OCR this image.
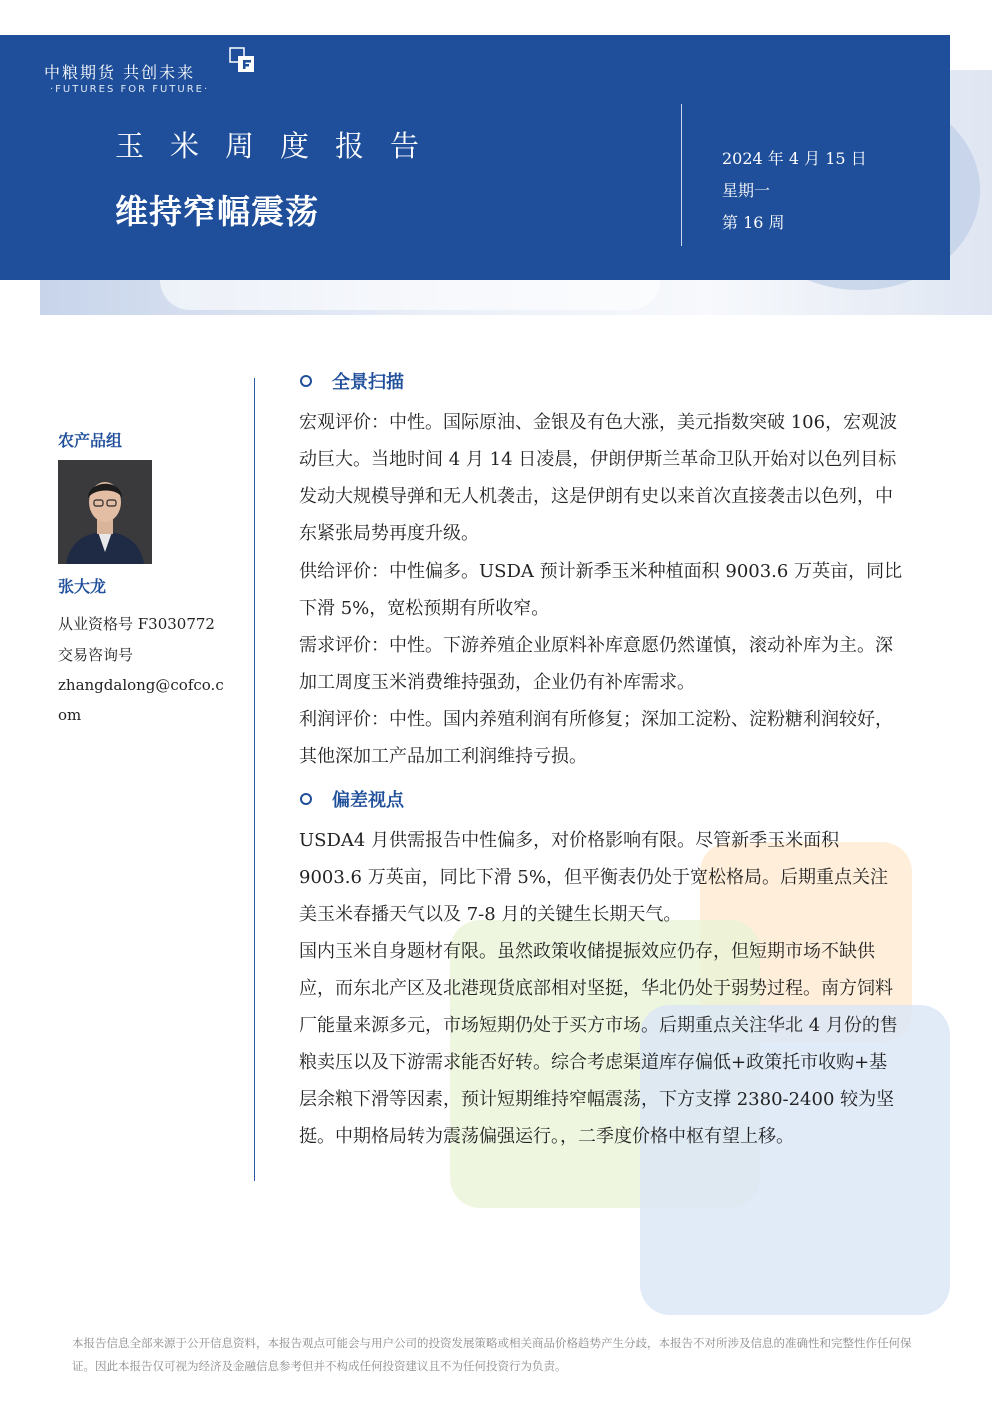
中粮期货 共创未来
·FUTURES FOR FUTURE·
玉米周度报告
维持窄幅震荡
2024 年 4 月 15 日
星期一
第 16 周
农产品组
张大龙
从业资格号 F3030772
交易咨询号
zhangdalong@cofco.c
om
全景扫描

宏观评价：中性。国际原油、金银及有色大涨，美元指数突破 106，宏观波动巨大。当地时间 4 月 14 日凌晨，伊朗伊斯兰革命卫队开始对以色列目标发动大规模导弹和无人机袭击，这是伊朗有史以来首次直接袭击以色列，中东紧张局势再度升级。

供给评价：中性偏多。USDA 预计新季玉米种植面积 9003.6 万英亩，同比下滑 5%，宽松预期有所收窄。

需求评价：中性。下游养殖企业原料补库意愿仍然谨慎，滚动补库为主。深加工周度玉米消费维持强劲，企业仍有补库需求。

利润评价：中性。国内养殖利润有所修复；深加工淀粉、淀粉糖利润较好，其他深加工产品加工利润维持亏损。

偏差视点

USDA4 月供需报告中性偏多，对价格影响有限。尽管新季玉米面积 9003.6 万英亩，同比下滑 5%，但平衡表仍处于宽松格局。后期重点关注美玉米春播天气以及 7-8 月的关键生长期天气。

国内玉米自身题材有限。虽然政策收储提振效应仍存，但短期市场不缺供应，而东北产区及北港现货底部相对坚挺，华北仍处于弱势过程。南方饲料厂能量来源多元，市场短期仍处于买方市场。后期重点关注华北 4 月份的售粮卖压以及下游需求能否好转。综合考虑渠道库存偏低+政策托市收购+基层余粮下滑等因素，预计短期维持窄幅震荡，下方支撑 2380-2400 较为坚挺。中期格局转为震荡偏强运行。，二季度价格中枢有望上移。

本报告信息全部来源于公开信息资料，本报告观点可能会与用户公司的投资发展策略或相关商品价格趋势产生分歧，本报告不对所涉及信息的准确性和完整性作任何保证。因此本报告仅可视为经济及金融信息参考但并不构成任何投资建议且不为任何投资行为负责。
